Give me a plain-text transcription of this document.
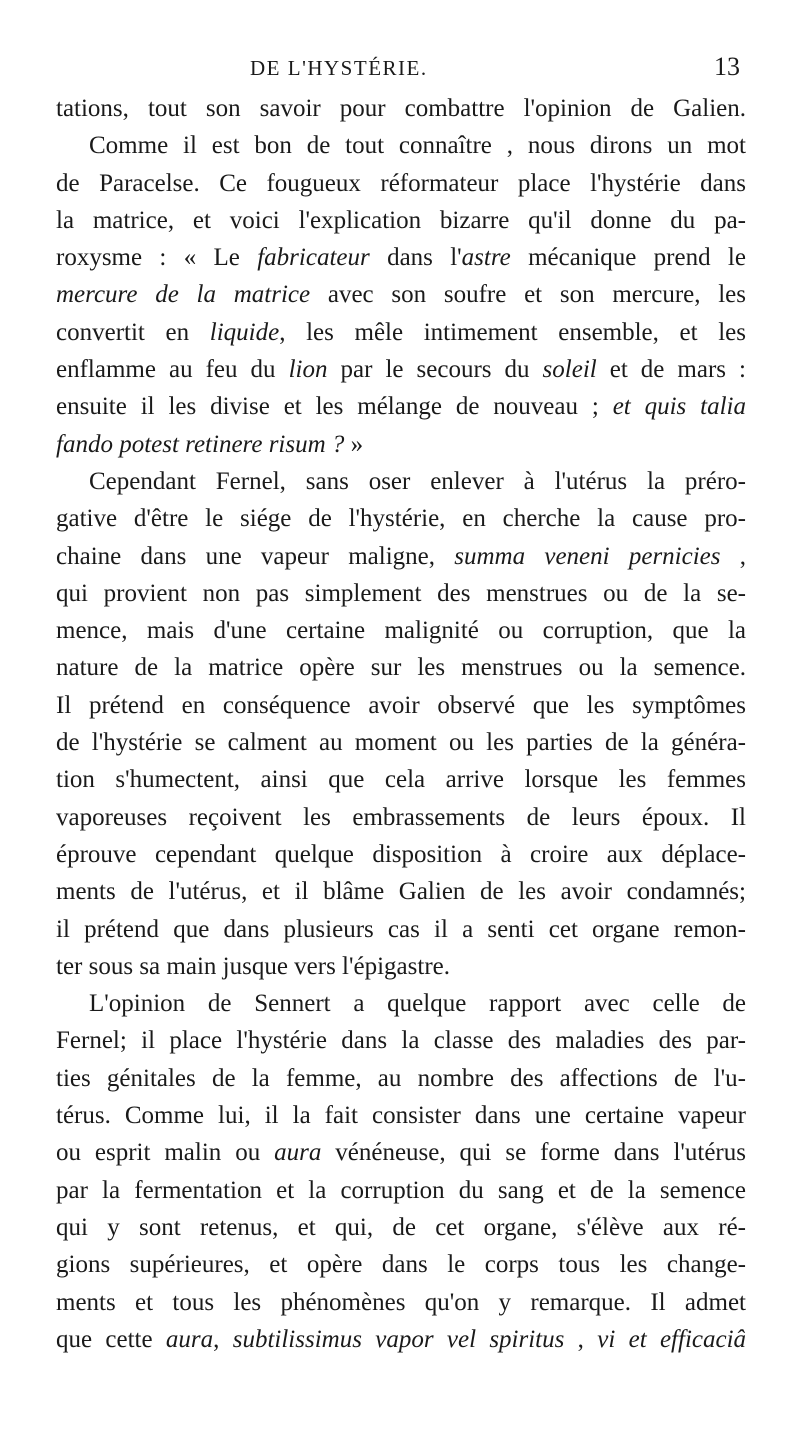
DE L'HYSTÉRIE.	13
tations, tout son savoir pour combattre l'opinion de Galien.
Comme il est bon de tout connaître , nous dirons un mot
de Paracelse. Ce fougueux réformateur place l'hystérie dans
la matrice, et voici l'explication bizarre qu'il donne du pa-
roxysme : « Le fabricateur dans l'astre mécanique prend le
mercure de la matrice avec son soufre et son mercure, les
convertit en liquide, les mêle intimement ensemble, et les
enflamme au feu du lion par le secours du soleil et de mars :
ensuite il les divise et les mélange de nouveau ; et quis talia
fando potest retinere risum ? »
Cependant Fernel, sans oser enlever à l'utérus la préro-
gative d'être le siége de l'hystérie, en cherche la cause pro-
chaine dans une vapeur maligne, summa veneni pernicies ,
qui provient non pas simplement des menstrues ou de la se-
mence, mais d'une certaine malignité ou corruption, que la
nature de la matrice opère sur les menstrues ou la semence.
Il prétend en conséquence avoir observé que les symptômes
de l'hystérie se calment au moment ou les parties de la généra-
tion s'humectent, ainsi que cela arrive lorsque les femmes
vaporeuses reçoivent les embrassements de leurs époux. Il
éprouve cependant quelque disposition à croire aux déplace-
ments de l'utérus, et il blâme Galien de les avoir condamnés;
il prétend que dans plusieurs cas il a senti cet organe remon-
ter sous sa main jusque vers l'épigastre.
L'opinion de Sennert a quelque rapport avec celle de
Fernel; il place l'hystérie dans la classe des maladies des par-
ties génitales de la femme, au nombre des affections de l'u-
térus. Comme lui, il la fait consister dans une certaine vapeur
ou esprit malin ou aura vénéneuse, qui se forme dans l'utérus
par la fermentation et la corruption du sang et de la semence
qui y sont retenus, et qui, de cet organe, s'élève aux ré-
gions supérieures, et opère dans le corps tous les change-
ments et tous les phénomènes qu'on y remarque. Il admet
que cette aura, subtilissimus vapor vel spiritus , vi et efficaciâ
